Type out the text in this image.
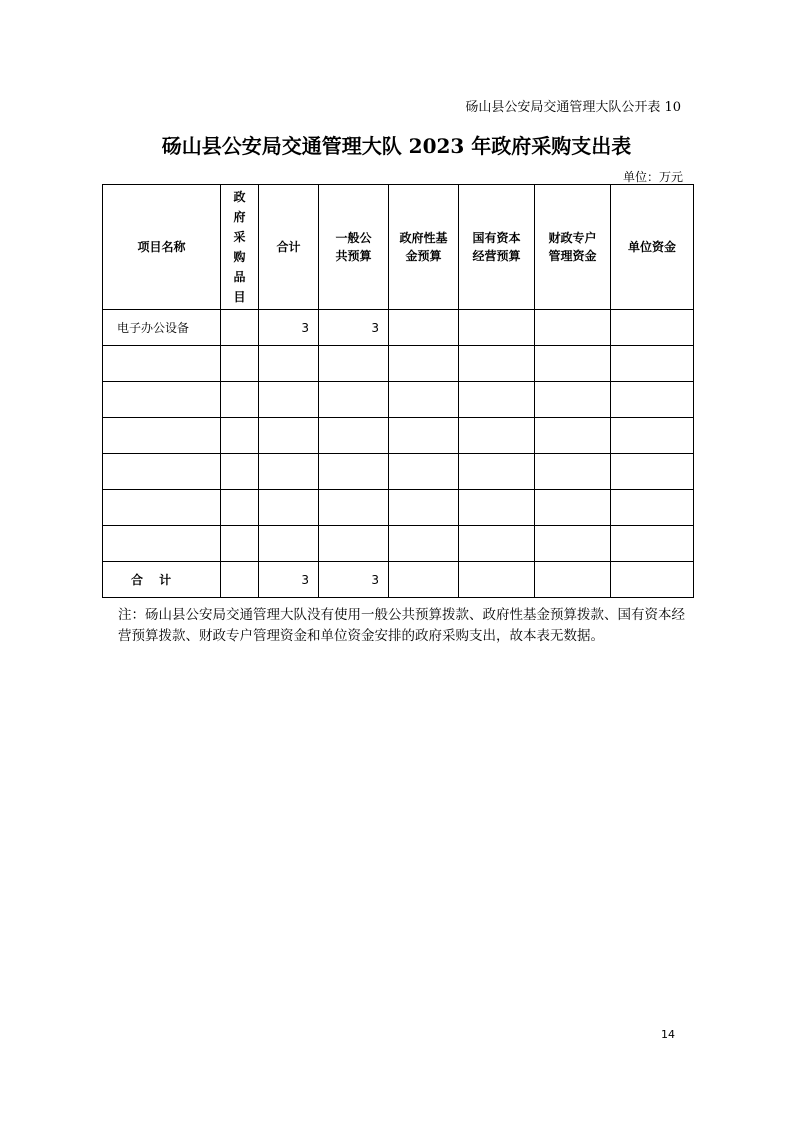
砀山县公安局交通管理大队公开表 10
砀山县公安局交通管理大队 2023 年政府采购支出表
单位：万元
项目名称	政府采购品目	合计	一般公共预算	政府性基金预算	国有资本经营预算	财政专户管理资金	单位资金
电子办公设备		3	3				

合 计		3	3				
注：砀山县公安局交通管理大队没有使用一般公共预算拨款、政府性基金预算拨款、国有资本经营预算拨款、财政专户管理资金和单位资金安排的政府采购支出，故本表无数据。
14
